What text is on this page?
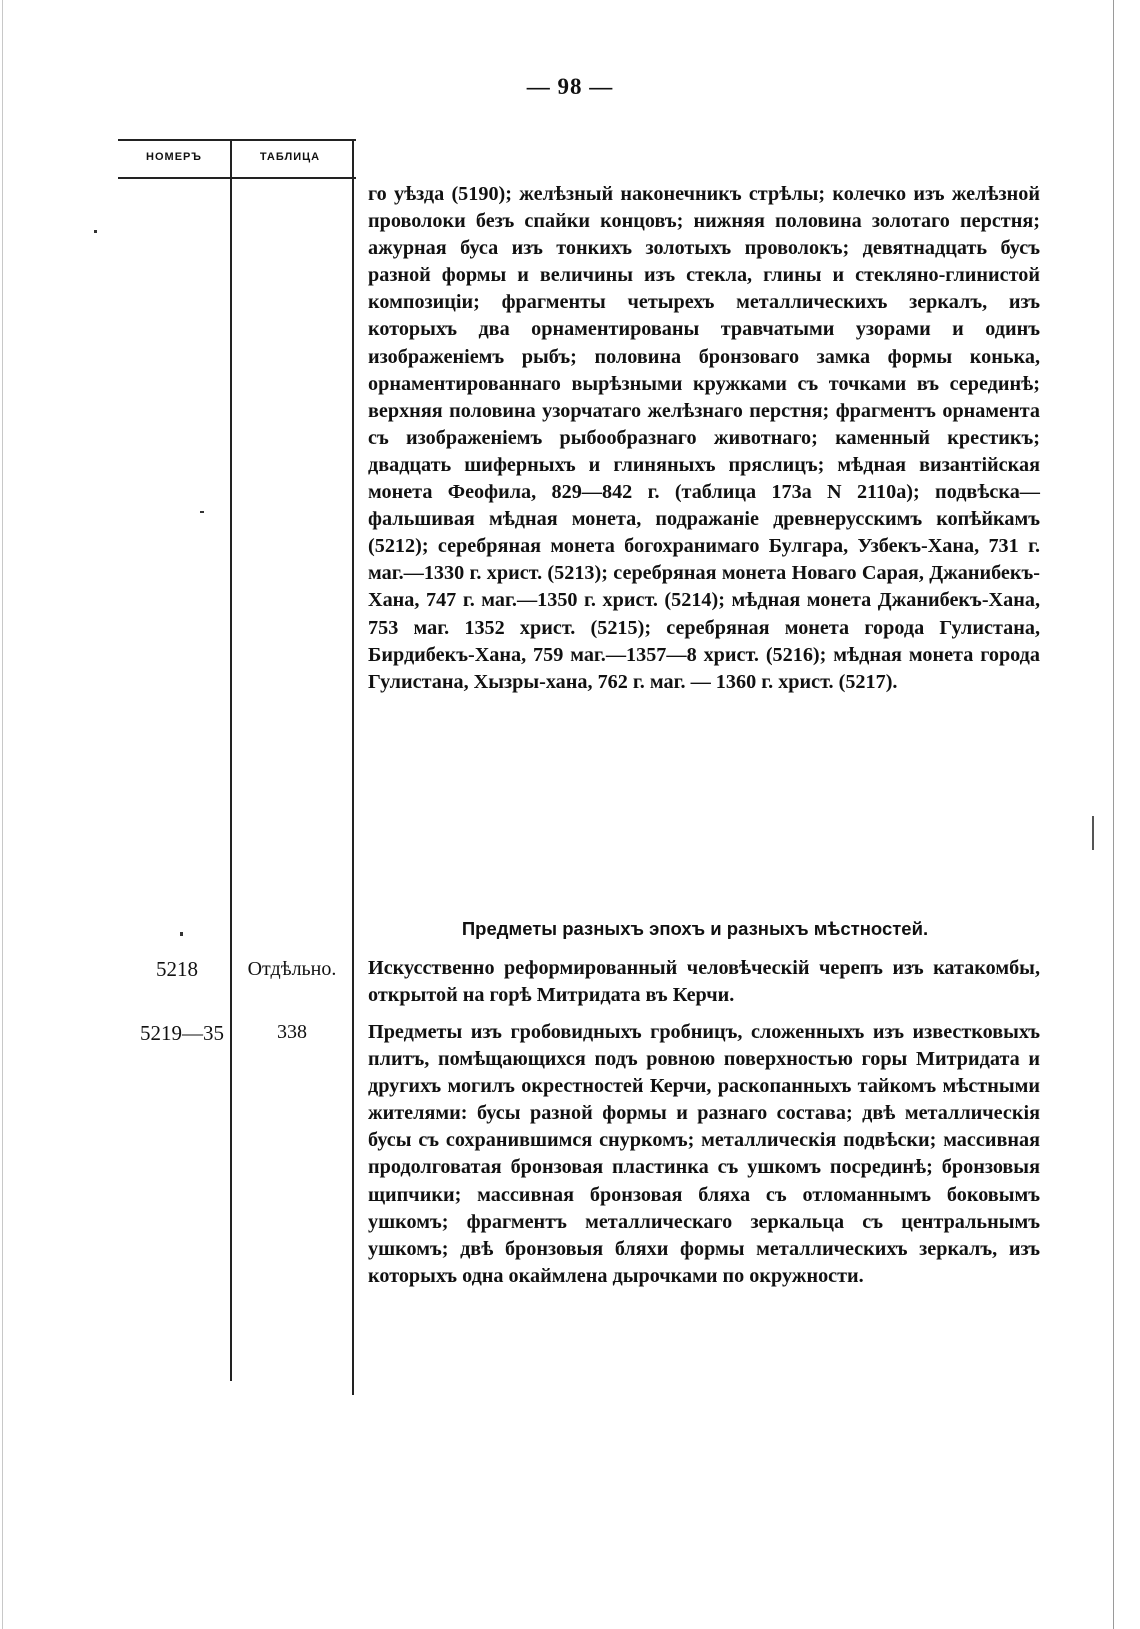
— 98 —
НОМЕРЪ	ТАБЛИЦА

го уѣзда (5190); желѣзный наконечникъ стрѣлы; колечко изъ желѣзной проволоки безъ спайки концовъ; нижняя половина золотаго перстня; ажурная буса изъ тонкихъ золотыхъ проволокъ; девятнадцать бусъ разной формы и величины изъ стекла, глины и стекляно-глинистой композиціи; фрагменты четырехъ металлическихъ зеркалъ, изъ которыхъ два орнаментированы травчатыми узорами и одинъ изображеніемъ рыбъ; половина бронзоваго замка формы конька, орнаментированнаго вырѣзными кружками съ точками въ серединѣ; верхняя половина узорчатаго желѣзнаго перстня; фрагментъ орнамента съ изображеніемъ рыбообразнаго животнаго; каменный крестикъ; двадцать шиферныхъ и глиняныхъ пряслицъ; мѣдная византійская монета Феофила, 829—842 г. (таблица 173а N 2110а); подвѣска—фальшивая мѣдная монета, подражаніе древнерусскимъ копѣйкамъ (5212); серебряная монета богохранимаго Булгара, Узбекъ-Хана, 731 г. маг.—1330 г. христ. (5213); серебряная монета Новаго Сарая, Джанибекъ-Хана, 747 г. маг.—1350 г. христ. (5214); мѣдная монета Джанибекъ-Хана, 753 маг. 1352 христ. (5215); серебряная монета города Гулистана, Бирдибекъ-Хана, 759 маг.—1357—8 христ. (5216); мѣдная монета города Гулистана, Хызры-хана, 762 г. маг. — 1360 г. христ. (5217).

Предметы разныхъ эпохъ и разныхъ мѣстностей.
5218	Отдѣльно.	Искусственно реформированный человѣческій черепъ изъ катакомбы, открытой на горѣ Митридата въ Керчи.

5219—35	338	Предметы изъ гробовидныхъ гробницъ, сложенныхъ изъ известковыхъ плитъ, помѣщающихся подъ ровною поверхностью горы Митридата и другихъ могилъ окрестностей Керчи, раскопанныхъ тайкомъ мѣстными жителями: бусы разной формы и разнаго состава; двѣ металлическія бусы съ сохранившимся снуркомъ; металлическія подвѣски; массивная продолговатая бронзовая пластинка съ ушкомъ посрединѣ; бронзовыя щипчики; массивная бронзовая бляха съ отломаннымъ боковымъ ушкомъ; фрагментъ металлическаго зеркальца съ центральнымъ ушкомъ; двѣ бронзовыя бляхи формы металлическихъ зеркалъ, изъ которыхъ одна окаймлена дырочками по окружности.
